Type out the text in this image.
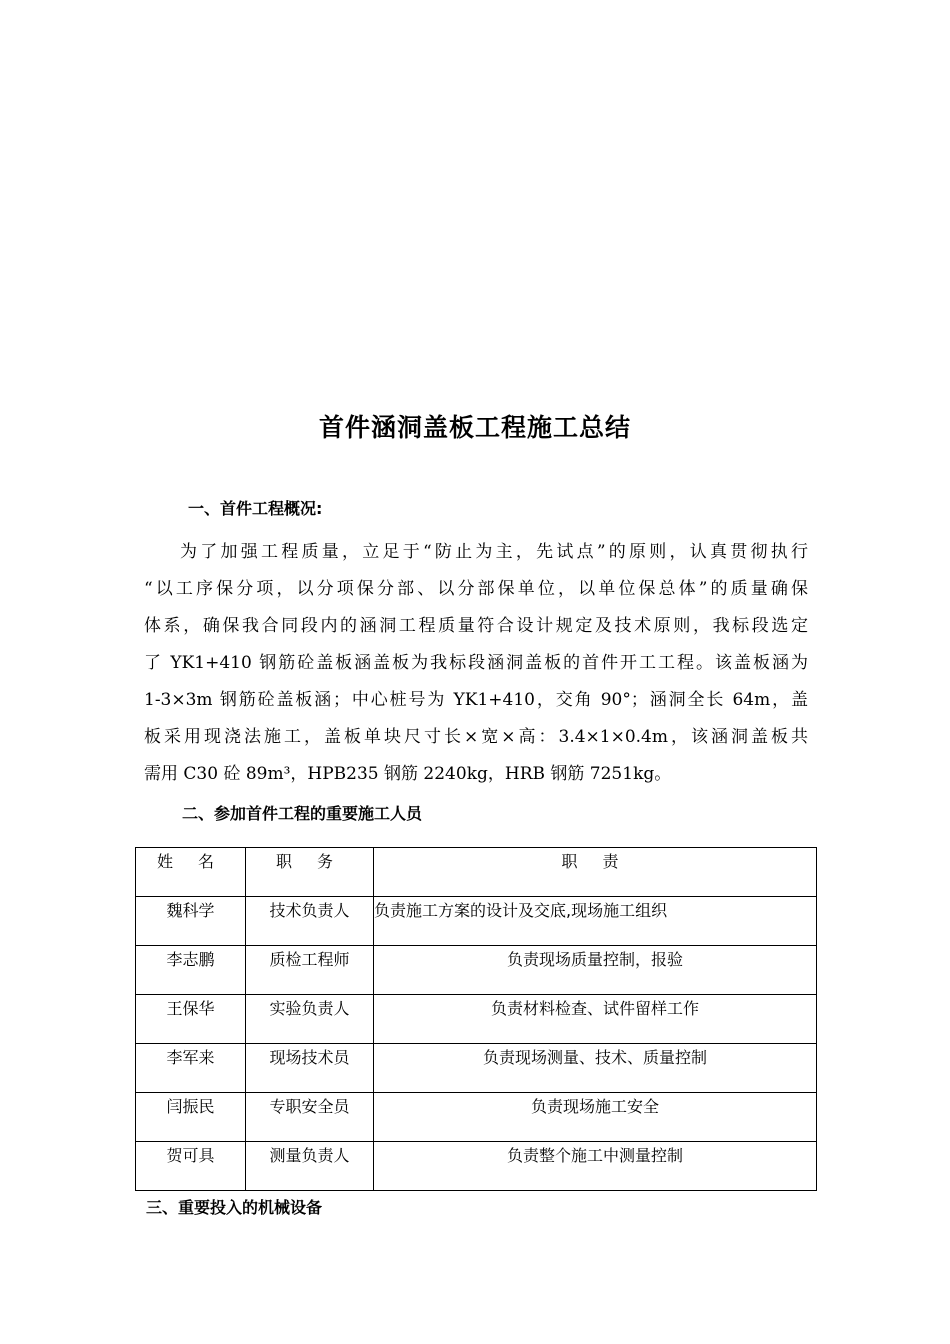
首件涵洞盖板工程施工总结
一、首件工程概况:
为了加强工程质量，立足于“防止为主，先试点”的原则，认真贯彻执行
“以工序保分项，以分项保分部、以分部保单位，以单位保总体”的质量确保
体系，确保我合同段内的涵洞工程质量符合设计规定及技术原则，我标段选定
了 YK1+410 钢筋砼盖板涵盖板为我标段涵洞盖板的首件开工工程。该盖板涵为
1-3×3m 钢筋砼盖板涵；中心桩号为 YK1+410，交角 90°；涵洞全长 64m，盖
板采用现浇法施工，盖板单块尺寸长×宽×高：3.4×1×0.4m，该涵洞盖板共
需用 C30 砼 89m³，HPB235 钢筋 2240kg，HRB 钢筋 7251kg。
二、参加首件工程的重要施工人员
姓 名	职 务	职 责

魏科学	技术负责人	负责施工方案的设计及交底,现场施工组织

李志鹏	质检工程师	负责现场质量控制，报验

王保华	实验负责人	负责材料检查、试件留样工作

李军来	现场技术员	负责现场测量、技术、质量控制

闫振民	专职安全员	负责现场施工安全

贺可具	测量负责人	负责整个施工中测量控制
三、重要投入的机械设备
